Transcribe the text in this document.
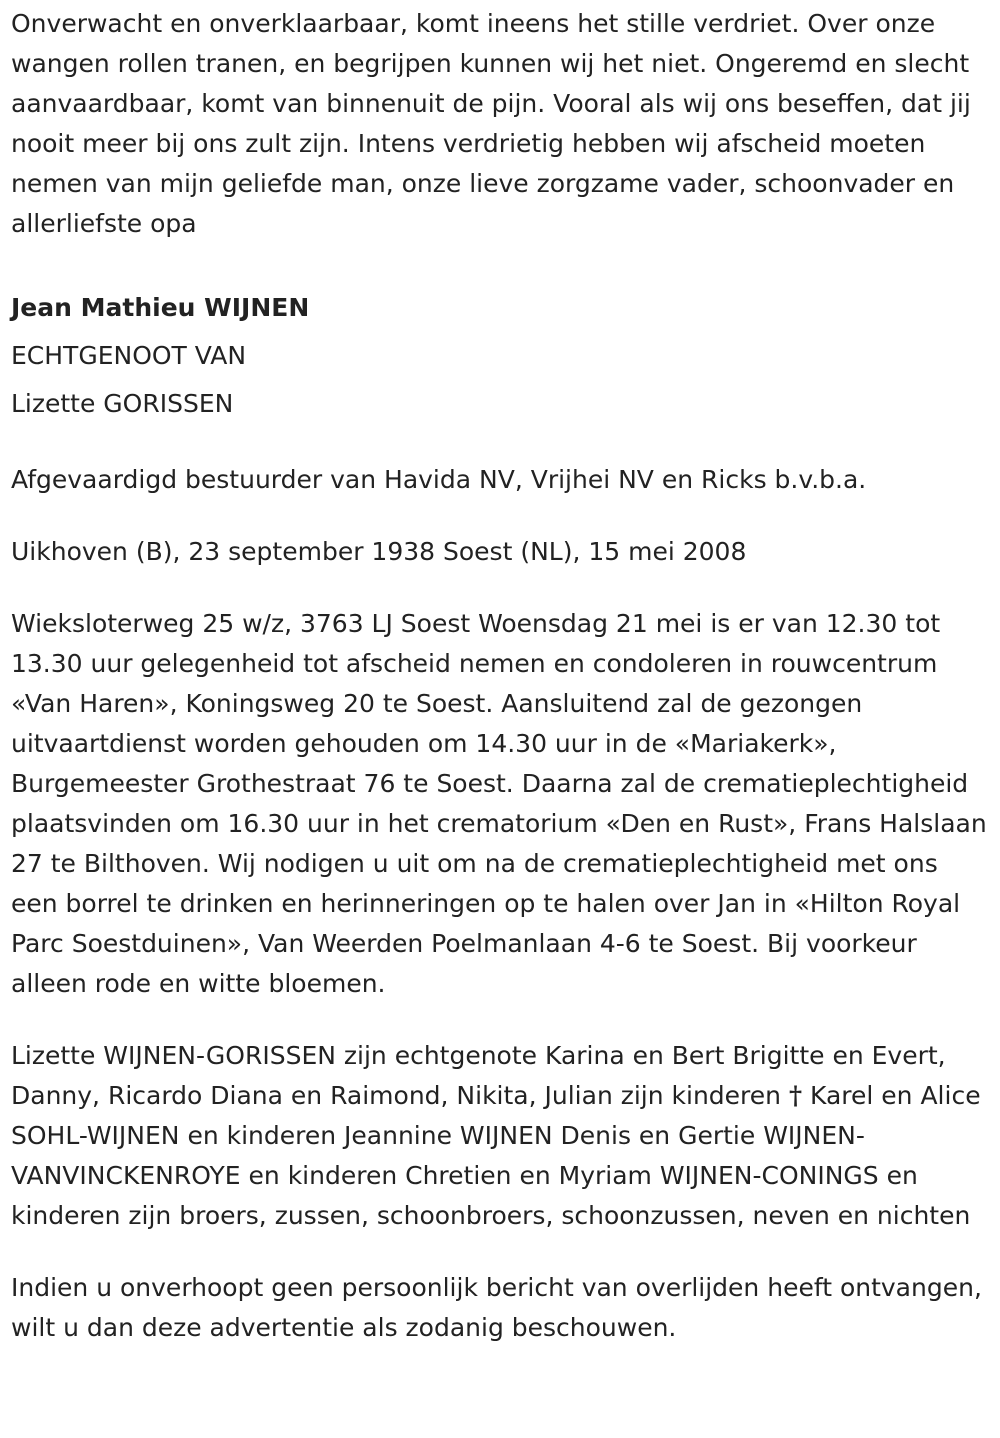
Onverwacht en onverklaarbaar, komt ineens het stille verdriet. Over onze wangen rollen tranen, en begrijpen kunnen wij het niet. Ongeremd en slecht aanvaardbaar, komt van binnenuit de pijn. Vooral als wij ons beseffen, dat jij nooit meer bij ons zult zijn. Intens verdrietig hebben wij afscheid moeten nemen van mijn geliefde man, onze lieve zorgzame vader, schoonvader en allerliefste opa

Jean Mathieu WIJNEN
ECHTGENOOT VAN
Lizette GORISSEN

Afgevaardigd bestuurder van Havida NV, Vrijhei NV en Ricks b.v.b.a.

Uikhoven (B), 23 september 1938 Soest (NL), 15 mei 2008

Wieksloterweg 25 w/z, 3763 LJ Soest Woensdag 21 mei is er van 12.30 tot 13.30 uur gelegenheid tot afscheid nemen en condoleren in rouwcentrum «Van Haren», Koningsweg 20 te Soest. Aansluitend zal de gezongen uitvaartdienst worden gehouden om 14.30 uur in de «Mariakerk», Burgemeester Grothestraat 76 te Soest. Daarna zal de crematieplechtigheid plaatsvinden om 16.30 uur in het crematorium «Den en Rust», Frans Halslaan 27 te Bilthoven. Wij nodigen u uit om na de crematieplechtigheid met ons een borrel te drinken en herinneringen op te halen over Jan in «Hilton Royal Parc Soestduinen», Van Weerden Poelmanlaan 4-6 te Soest. Bij voorkeur alleen rode en witte bloemen.

Lizette WIJNEN-GORISSEN zijn echtgenote Karina en Bert Brigitte en Evert, Danny, Ricardo Diana en Raimond, Nikita, Julian zijn kinderen † Karel en Alice SOHL-WIJNEN en kinderen Jeannine WIJNEN Denis en Gertie WIJNEN-VANVINCKENROYE en kinderen Chretien en Myriam WIJNEN-CONINGS en kinderen zijn broers, zussen, schoonbroers, schoonzussen, neven en nichten

Indien u onverhoopt geen persoonlijk bericht van overlijden heeft ontvangen, wilt u dan deze advertentie als zodanig beschouwen.
